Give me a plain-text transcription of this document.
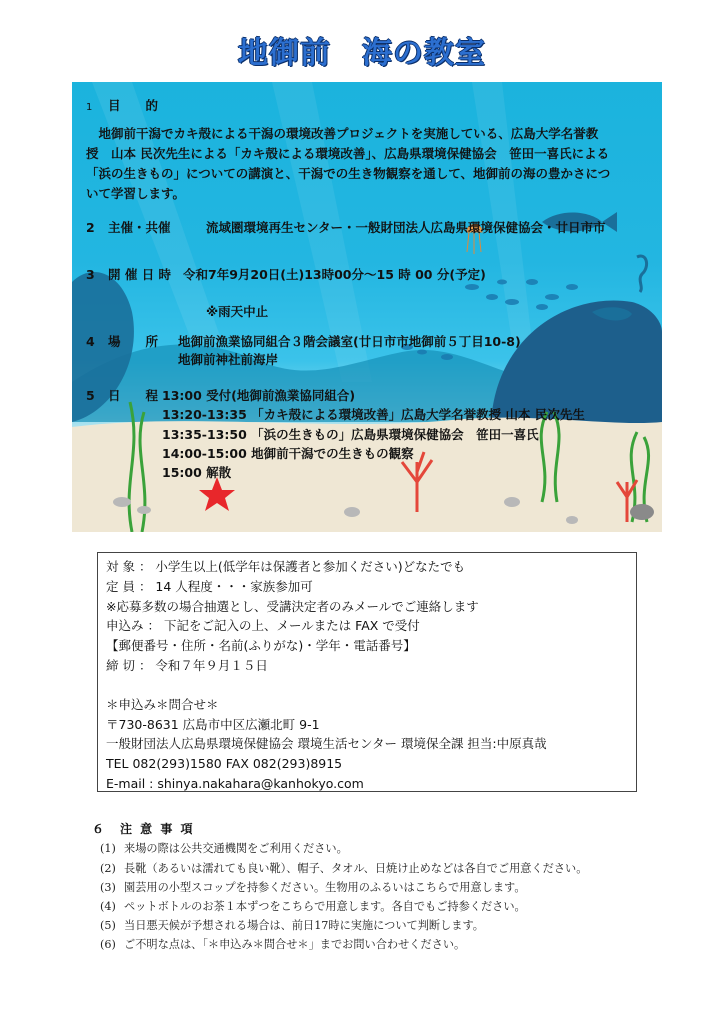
地御前　海の教室
1 目　　的
　地御前干潟でカキ殻による干潟の環境改善プロジェクトを実施している、広島大学名誉教
授　山本 民次先生による「カキ殻による環境改善」、広島県環境保健協会　笹田一喜氏による
「浜の生きもの」についての講演と、干潟での生き物観察を通して、地御前の海の豊かさにつ
いて学習します。
2 主催・共催	流域圏環境再生センター・一般財団法人広島県環境保健協会・廿日市市
3 開 催 日 時 令和7年9月20日(土)13時00分～15 時 00 分(予定)
※雨天中止
4 場　　所 地御前漁業協同組合３階会議室(廿日市市地御前５丁目10-8)
地御前神社前海岸
5 日　　程 13:00 受付(地御前漁業協同組合)
13:20-13:35 「カキ殻による環境改善」広島大学名誉教授 山本 民次先生
13:35-13:50 「浜の生きもの」広島県環境保健協会　笹田一喜氏
14:00-15:00 地御前干潟での生きもの観察
15:00 解散
対 象 ： 小学生以上(低学年は保護者と参加ください)どなたでも
定 員 ： 14 人程度・・・家族参加可
※応募多数の場合抽選とし、受講決定者のみメールでご連絡します
申込み ： 下記をご記入の上、メールまたは FAX で受付
【郵便番号・住所・名前(ふりがな)・学年・電話番号】
締 切 ： 令和７年９月１５日
＊申込み＊問合せ＊
〒730-8631 広島市中区広瀬北町 9-1
一般財団法人広島県環境保健協会 環境生活センター 環境保全課 担当:中原真哉
TEL 082(293)1580 FAX 082(293)8915
E-mail : shinya.nakahara@kanhokyo.com
６　注 意 事 項
(1) 来場の際は公共交通機関をご利用ください。
(2) 長靴（あるいは濡れても良い靴）、帽子、タオル、日焼け止めなどは各自でご用意ください。
(3) 園芸用の小型スコップを持参ください。生物用のふるいはこちらで用意します。
(4) ペットボトルのお茶１本ずつをこちらで用意します。各自でもご持参ください。
(5) 当日悪天候が予想される場合は、前日17時に実施について判断します。
(6) ご不明な点は、「＊申込み＊問合せ＊」までお問い合わせください。
